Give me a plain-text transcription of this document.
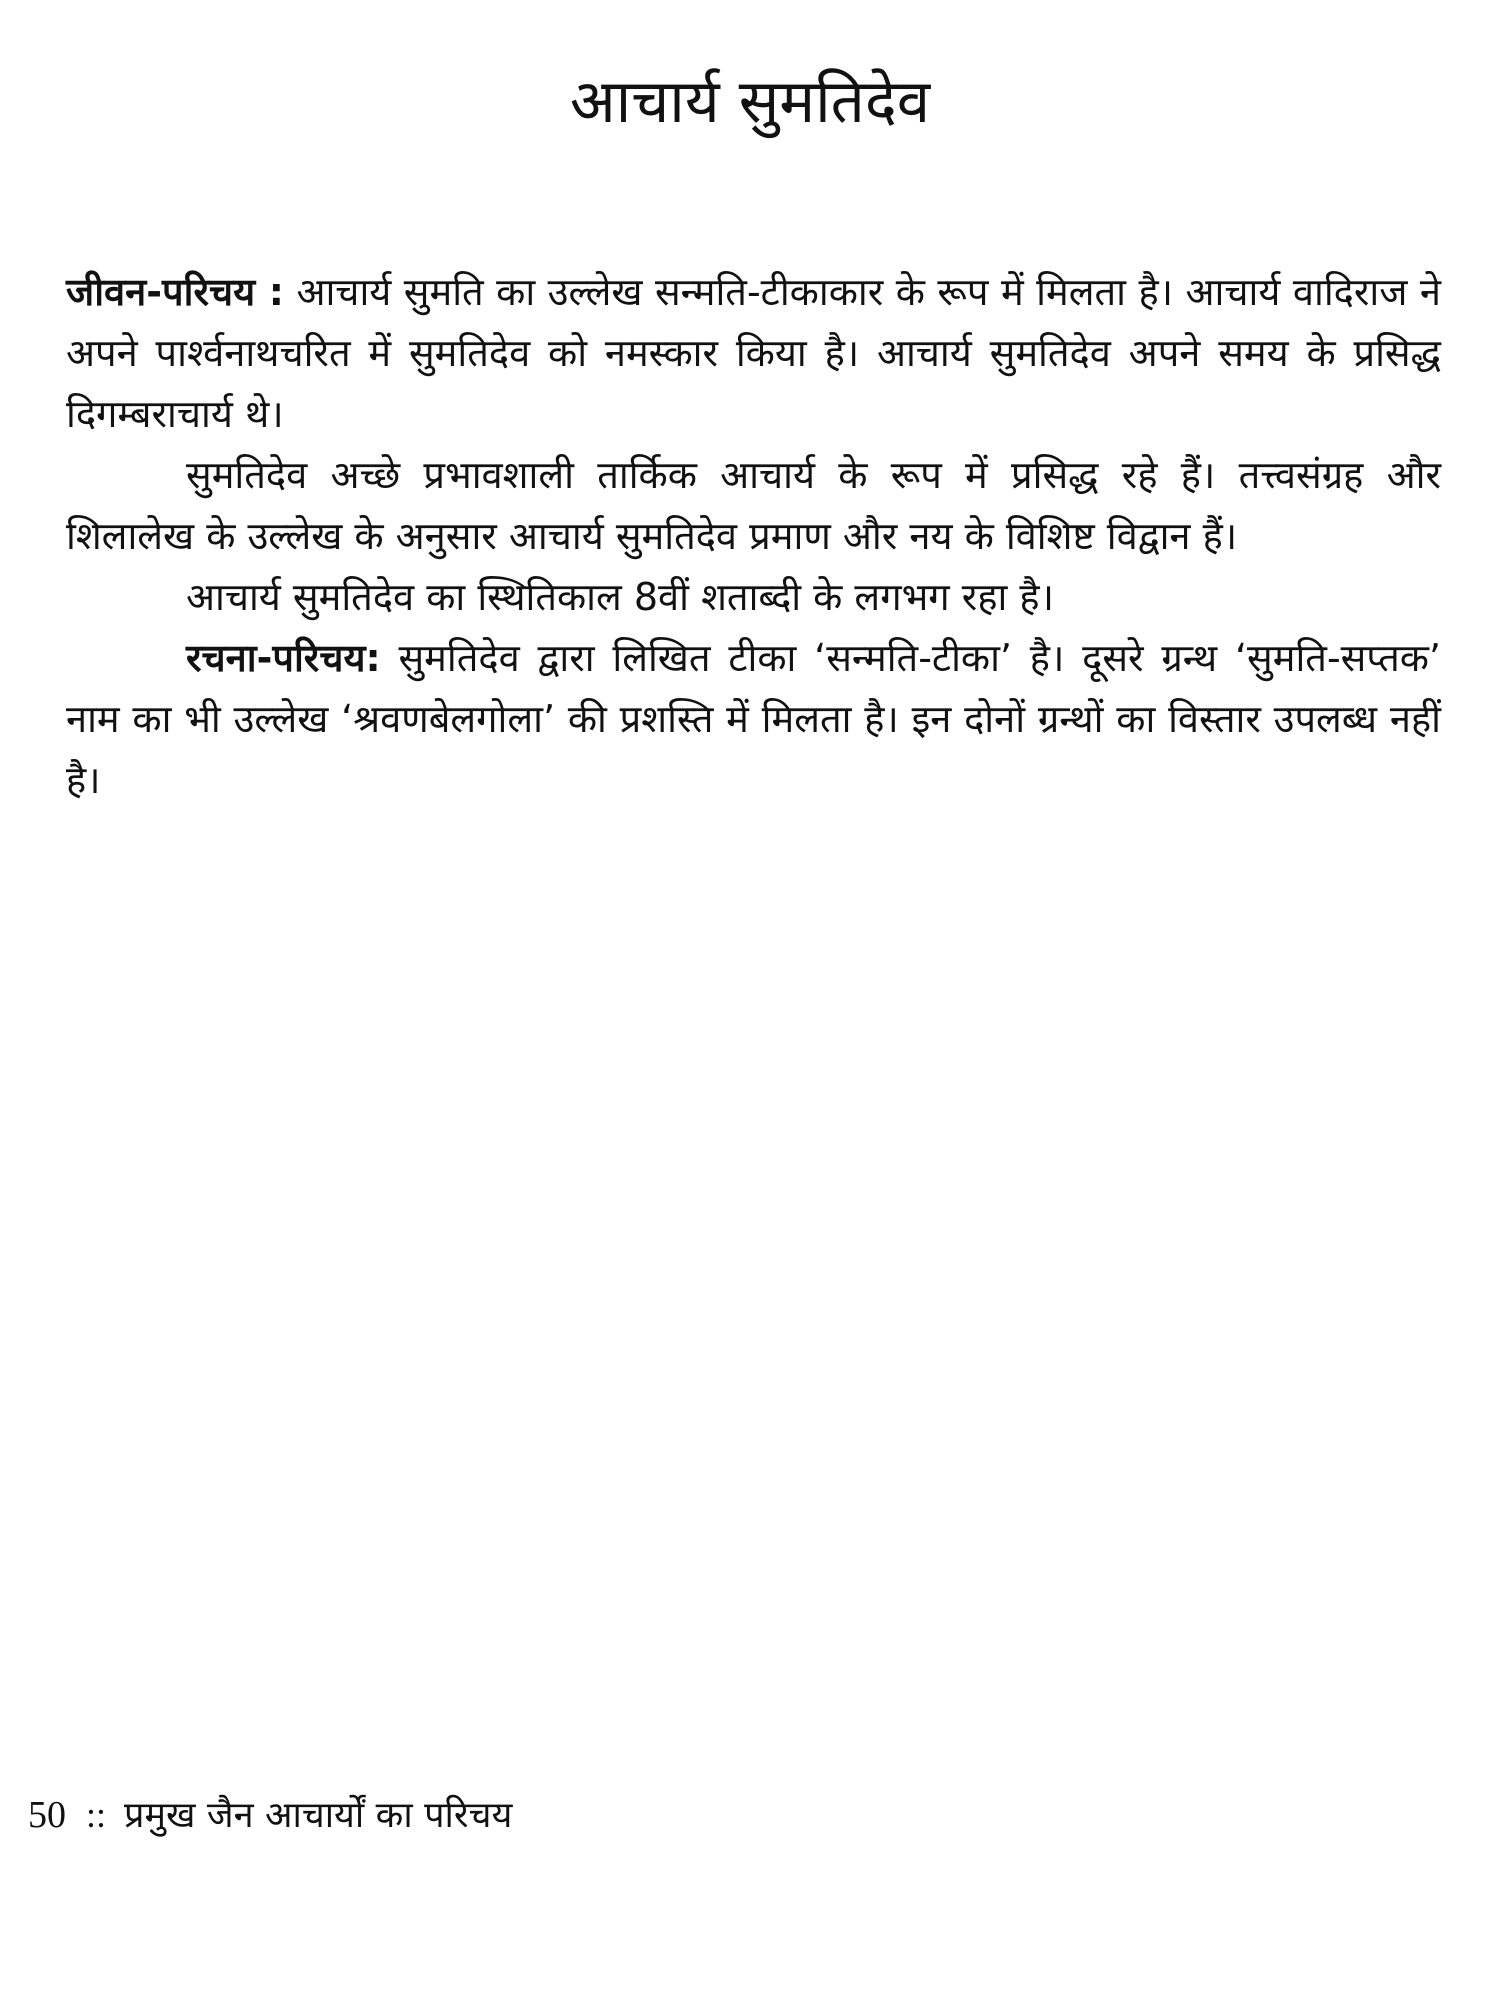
आचार्य सुमतिदेव

जीवन-परिचय : आचार्य सुमति का उल्लेख सन्मति-टीकाकार के रूप में मिलता है। आचार्य वादिराज ने अपने पार्श्वनाथचरित में सुमतिदेव को नमस्कार किया है। आचार्य सुमतिदेव अपने समय के प्रसिद्ध दिगम्बराचार्य थे।

सुमतिदेव अच्छे प्रभावशाली तार्किक आचार्य के रूप में प्रसिद्ध रहे हैं। तत्त्वसंग्रह और शिलालेख के उल्लेख के अनुसार आचार्य सुमतिदेव प्रमाण और नय के विशिष्ट विद्वान हैं।

आचार्य सुमतिदेव का स्थितिकाल 8वीं शताब्दी के लगभग रहा है।

रचना-परिचय: सुमतिदेव द्वारा लिखित टीका ‘सन्मति-टीका’ है। दूसरे ग्रन्थ ‘सुमति-सप्तक’ नाम का भी उल्लेख ‘श्रवणबेलगोला’ की प्रशस्ति में मिलता है। इन दोनों ग्रन्थों का विस्तार उपलब्ध नहीं है।

50 :: प्रमुख जैन आचार्यों का परिचय
